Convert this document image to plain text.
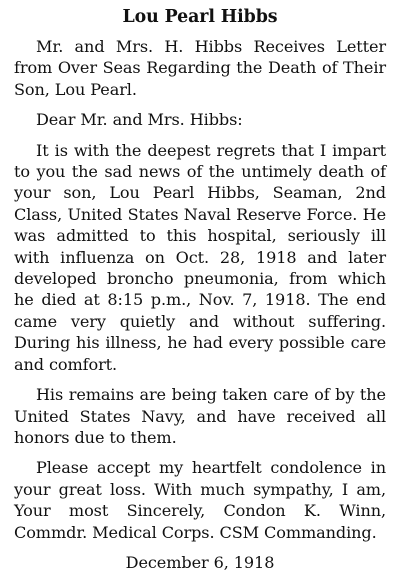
Lou Pearl Hibbs

Mr. and Mrs. H. Hibbs Receives Letter from Over Seas Regarding the Death of Their Son, Lou Pearl.

Dear Mr. and Mrs. Hibbs:

It is with the deepest regrets that I impart to you the sad news of the untimely death of your son, Lou Pearl Hibbs, Seaman, 2nd Class, United States Naval Reserve Force. He was admitted to this hospital, seriously ill with influenza on Oct. 28, 1918 and later developed broncho pneumonia, from which he died at 8:15 p.m., Nov. 7, 1918. The end came very quietly and without suffering. During his illness, he had every possible care and comfort.

His remains are being taken care of by the United States Navy, and have received all honors due to them.

Please accept my heartfelt condolence in your great loss. With much sympathy, I am, Your most Sincerely, Condon K. Winn, Commdr. Medical Corps. CSM Commanding.

December 6, 1918
